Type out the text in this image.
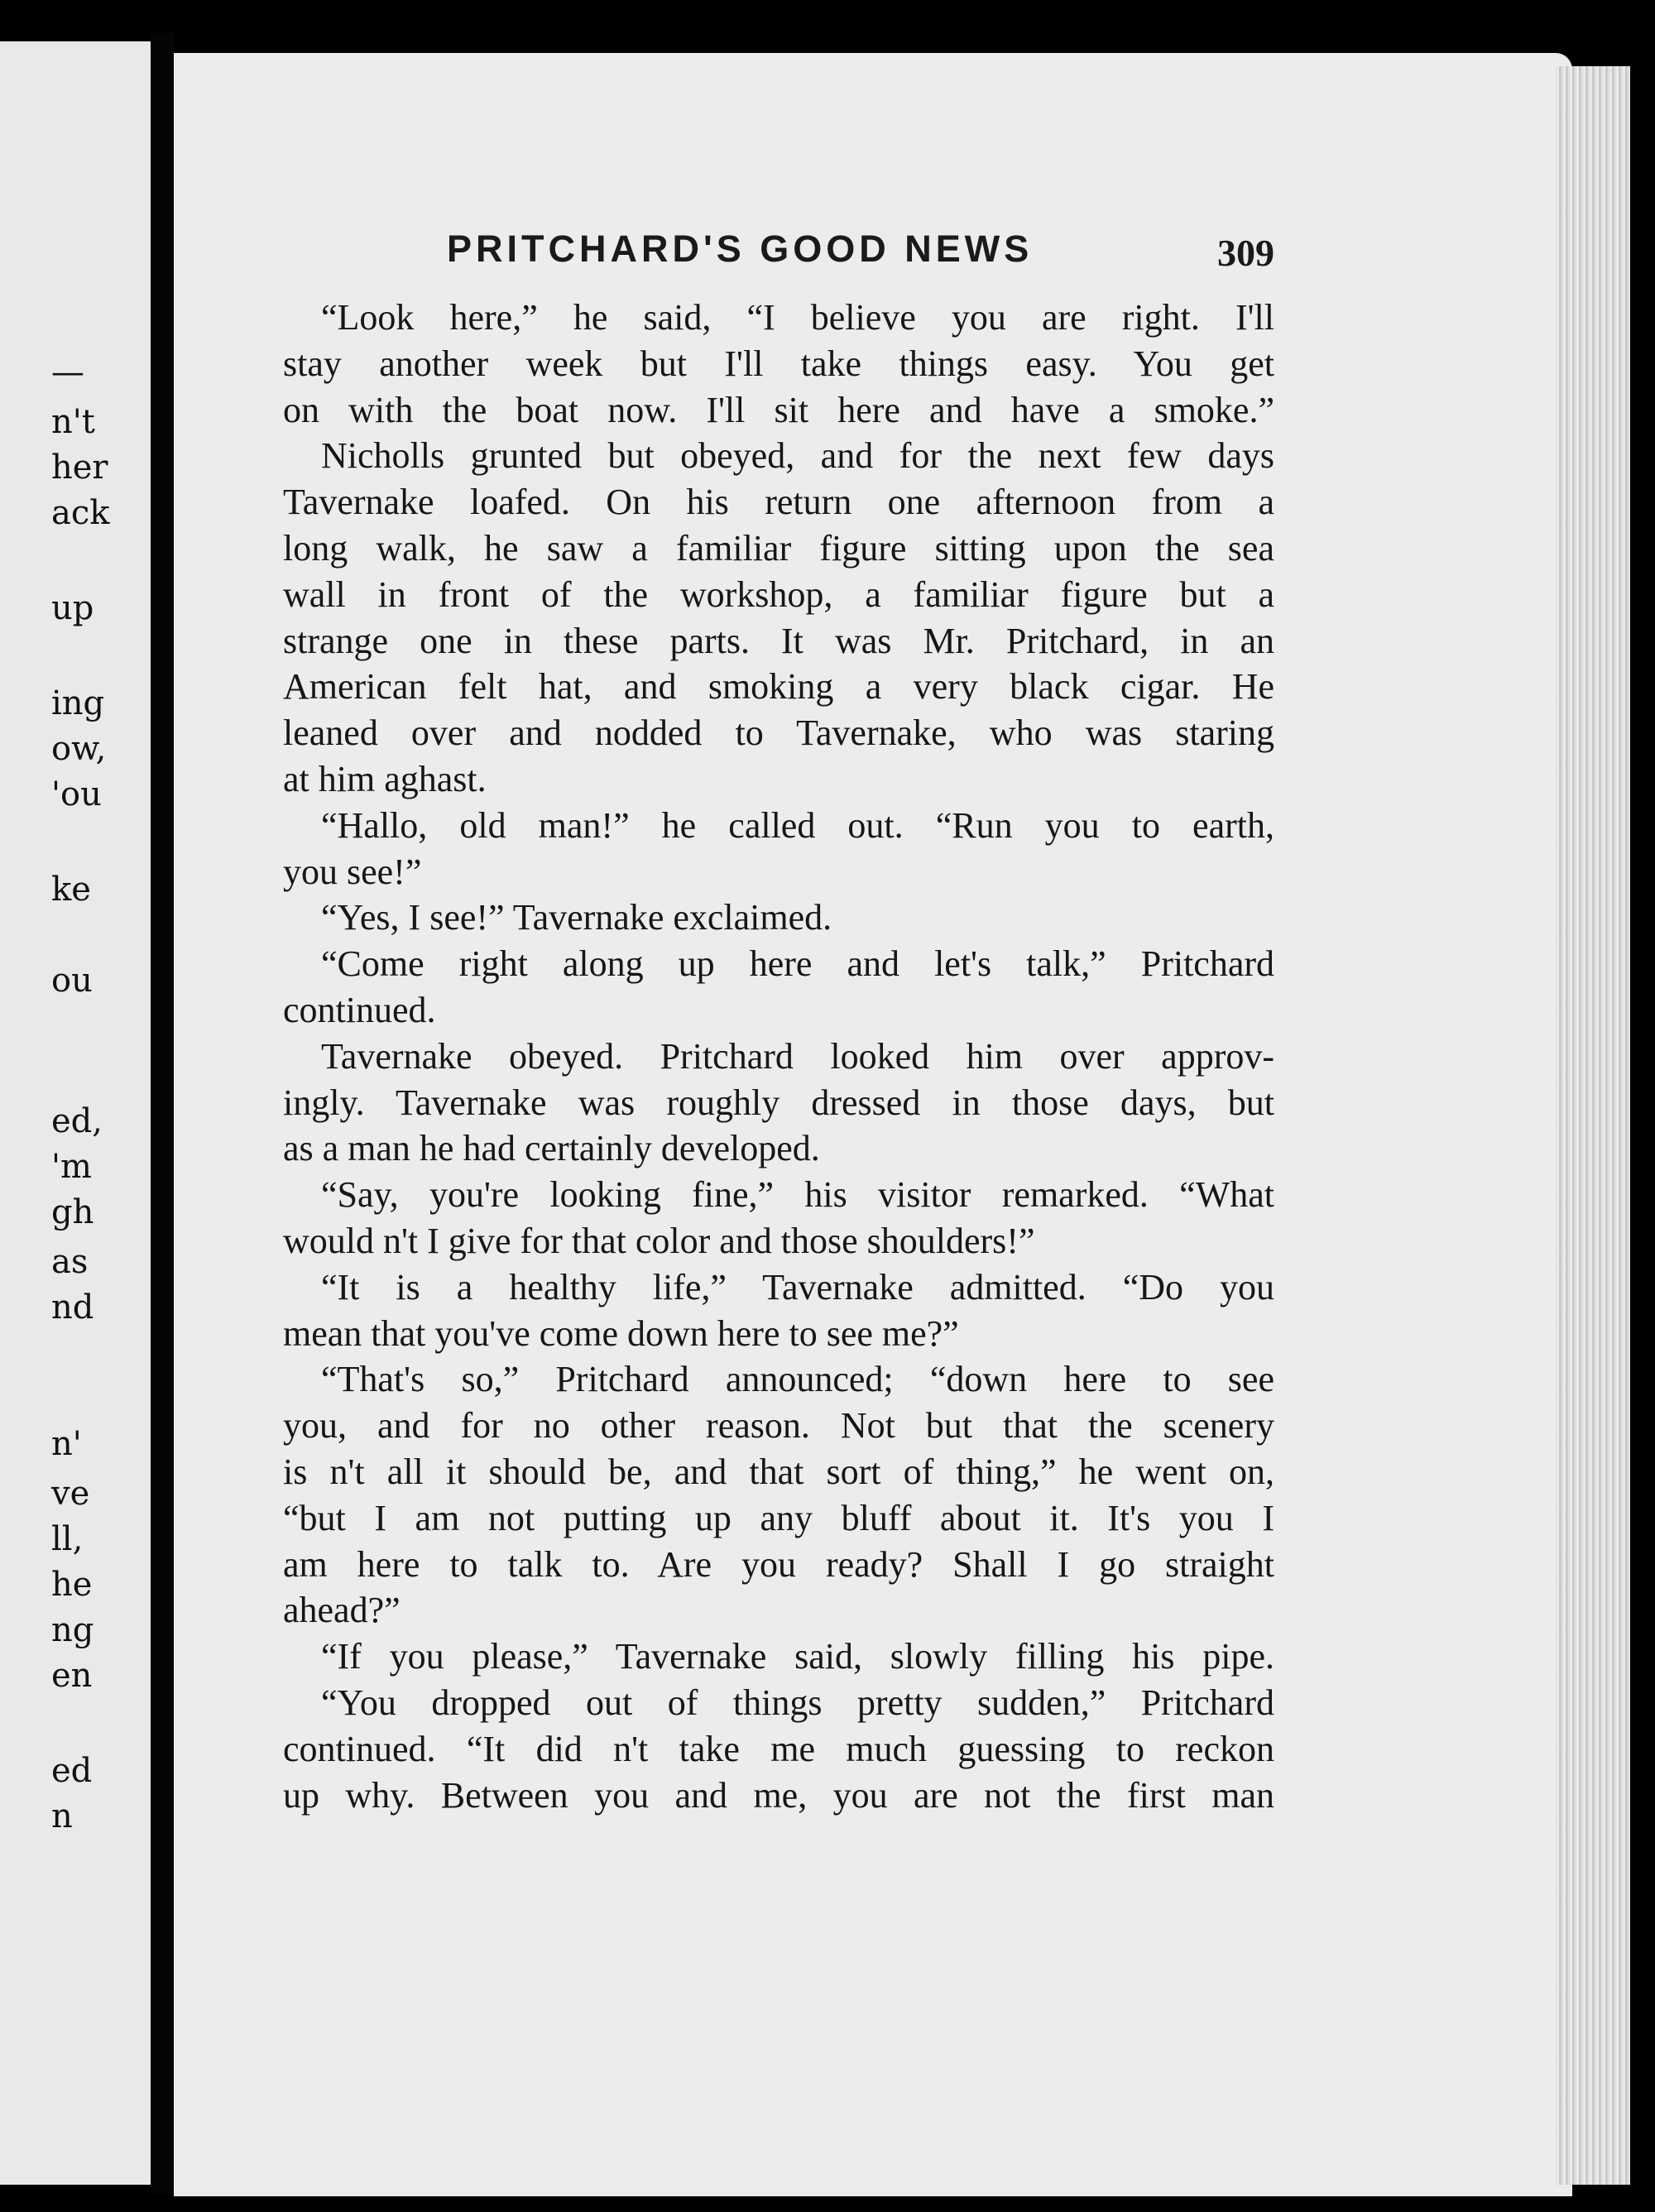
—
n't
her
ack
up
ing
ow,
'ou
ke
ou
ed,
'm
gh
as
nd
n'
ve
ll,
he
ng
en
ed
n
PRITCHARD'S GOOD NEWS	309
“Look here,” he said, “I believe you are right. I'll
stay another week but I'll take things easy. You get
on with the boat now. I'll sit here and have a smoke.”
Nicholls grunted but obeyed, and for the next few days
Tavernake loafed. On his return one afternoon from a
long walk, he saw a familiar figure sitting upon the sea
wall in front of the workshop, a familiar figure but a
strange one in these parts. It was Mr. Pritchard, in an
American felt hat, and smoking a very black cigar. He
leaned over and nodded to Tavernake, who was staring
at him aghast.
“Hallo, old man!” he called out. “Run you to earth,
you see!”
“Yes, I see!” Tavernake exclaimed.
“Come right along up here and let's talk,” Pritchard
continued.
Tavernake obeyed. Pritchard looked him over approv-
ingly. Tavernake was roughly dressed in those days, but
as a man he had certainly developed.
“Say, you're looking fine,” his visitor remarked. “What
would n't I give for that color and those shoulders!”
“It is a healthy life,” Tavernake admitted. “Do you
mean that you've come down here to see me?”
“That's so,” Pritchard announced; “down here to see
you, and for no other reason. Not but that the scenery
is n't all it should be, and that sort of thing,” he went on,
“but I am not putting up any bluff about it. It's you I
am here to talk to. Are you ready? Shall I go straight
ahead?”
“If you please,” Tavernake said, slowly filling his pipe.
“You dropped out of things pretty sudden,” Pritchard
continued. “It did n't take me much guessing to reckon
up why. Between you and me, you are not the first man
